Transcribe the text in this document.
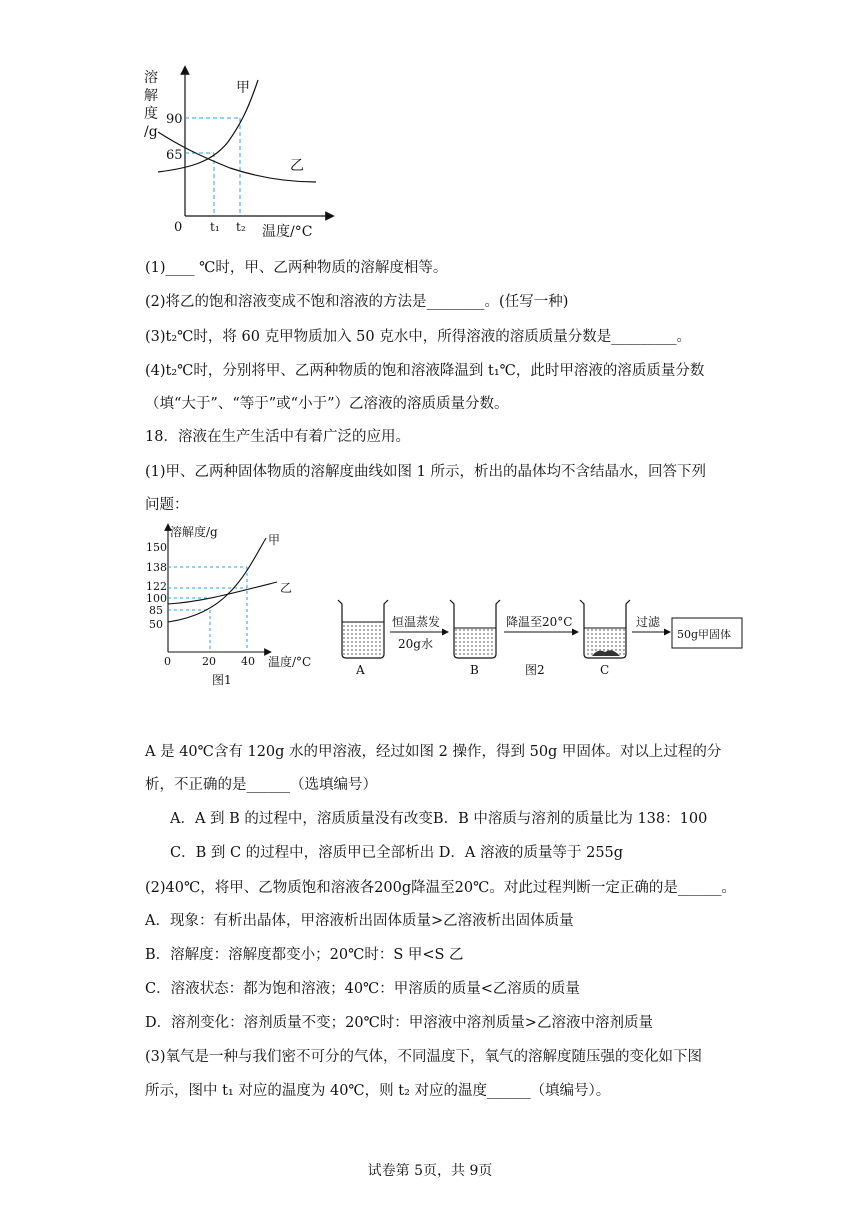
溶
解
度
/g
90
65
0 t₁ t₂ 温度/°C
甲
乙
(1)____ ℃时，甲、乙两种物质的溶解度相等。
(2)将乙的饱和溶液变成不饱和溶液的方法是________。(任写一种)
(3)t₂℃时，将 60 克甲物质加入 50 克水中，所得溶液的溶质质量分数是_________。
(4)t₂℃时，分别将甲、乙两种物质的饱和溶液降温到 t₁℃，此时甲溶液的溶质质量分数
（填“大于”、“等于”或“小于”）乙溶液的溶质质量分数。
18．溶液在生产生活中有着广泛的应用。
(1)甲、乙两种固体物质的溶解度曲线如图 1 所示，析出的晶体均不含结晶水，回答下列
问题：
溶解度/g
150
138
122
100
85
50
0	20 40 温度/°C
甲
乙
图1
A
恒温蒸发
20g水
B
降温至20°C
C
过滤
50g甲固体
图2
A 是 40℃含有 120g 水的甲溶液，经过如图 2 操作，得到 50g 甲固体。对以上过程的分
析，不正确的是______（选填编号）
A．A 到 B 的过程中，溶质质量没有改变B．B 中溶质与溶剂的质量比为 138：100
C．B 到 C 的过程中，溶质甲已全部析出 D．A 溶液的质量等于 255g
(2)40℃，将甲、乙物质饱和溶液各200g降温至20℃。对此过程判断一定正确的是______。
A．现象：有析出晶体，甲溶液析出固体质量>乙溶液析出固体质量
B．溶解度：溶解度都变小；20℃时：S 甲<S 乙
C．溶液状态：都为饱和溶液；40℃：甲溶质的质量<乙溶质的质量
D．溶剂变化：溶剂质量不变；20℃时：甲溶液中溶剂质量>乙溶液中溶剂质量
(3)氧气是一种与我们密不可分的气体，不同温度下，氧气的溶解度随压强的变化如下图
所示，图中 t₁ 对应的温度为 40℃，则 t₂ 对应的温度______（填编号）。
试卷第 5页，共 9页
